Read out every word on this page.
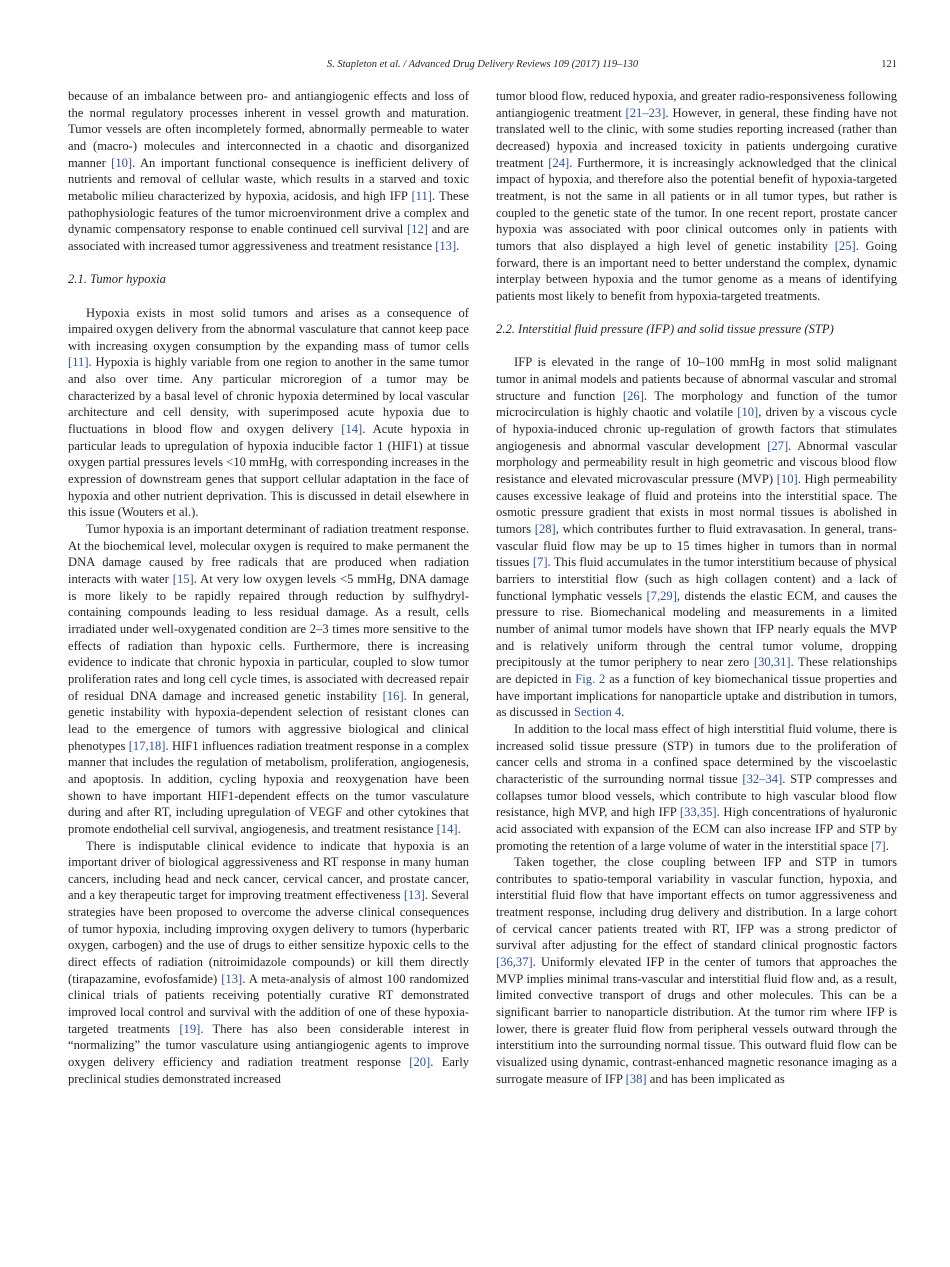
S. Stapleton et al. / Advanced Drug Delivery Reviews 109 (2017) 119–130	121

because of an imbalance between pro- and antiangiogenic effects and loss of the normal regulatory processes inherent in vessel growth and maturation. Tumor vessels are often incompletely formed, abnormally permeable to water and (macro-) molecules and interconnected in a chaotic and disorganized manner [10]. An important functional consequence is inefficient delivery of nutrients and removal of cellular waste, which results in a starved and toxic metabolic milieu characterized by hypoxia, acidosis, and high IFP [11]. These pathophysiologic features of the tumor microenvironment drive a complex and dynamic compensatory response to enable continued cell survival [12] and are associated with increased tumor aggressiveness and treatment resistance [13].

2.1. Tumor hypoxia

Hypoxia exists in most solid tumors and arises as a consequence of impaired oxygen delivery from the abnormal vasculature that cannot keep pace with increasing oxygen consumption by the expanding mass of tumor cells [11]. Hypoxia is highly variable from one region to another in the same tumor and also over time. Any particular microregion of a tumor may be characterized by a basal level of chronic hypoxia determined by local vascular architecture and cell density, with superimposed acute hypoxia due to fluctuations in blood flow and oxygen delivery [14]. Acute hypoxia in particular leads to upregulation of hypoxia inducible factor 1 (HIF1) at tissue oxygen partial pressures levels <10 mmHg, with corresponding increases in the expression of downstream genes that support cellular adaptation in the face of hypoxia and other nutrient deprivation. This is discussed in detail elsewhere in this issue (Wouters et al.).

Tumor hypoxia is an important determinant of radiation treatment response. At the biochemical level, molecular oxygen is required to make permanent the DNA damage caused by free radicals that are produced when radiation interacts with water [15]. At very low oxygen levels <5 mmHg, DNA damage is more likely to be rapidly repaired through reduction by sulfhydryl-containing compounds leading to less residual damage. As a result, cells irradiated under well-oxygenated condition are 2–3 times more sensitive to the effects of radiation than hypoxic cells. Furthermore, there is increasing evidence to indicate that chronic hypoxia in particular, coupled to slow tumor proliferation rates and long cell cycle times, is associated with decreased repair of residual DNA damage and increased genetic instability [16]. In general, genetic instability with hypoxia-dependent selection of resistant clones can lead to the emergence of tumors with aggressive biological and clinical phenotypes [17,18]. HIF1 influences radiation treatment response in a complex manner that includes the regulation of metabolism, proliferation, angiogenesis, and apoptosis. In addition, cycling hypoxia and reoxygenation have been shown to have important HIF1-dependent effects on the tumor vasculature during and after RT, including upregulation of VEGF and other cytokines that promote endothelial cell survival, angiogenesis, and treatment resistance [14].

There is indisputable clinical evidence to indicate that hypoxia is an important driver of biological aggressiveness and RT response in many human cancers, including head and neck cancer, cervical cancer, and prostate cancer, and a key therapeutic target for improving treatment effectiveness [13]. Several strategies have been proposed to overcome the adverse clinical consequences of tumor hypoxia, including improving oxygen delivery to tumors (hyperbaric oxygen, carbogen) and the use of drugs to either sensitize hypoxic cells to the direct effects of radiation (nitroimidazole compounds) or kill them directly (tirapazamine, evofosfamide) [13]. A meta-analysis of almost 100 randomized clinical trials of patients receiving potentially curative RT demonstrated improved local control and survival with the addition of one of these hypoxia-targeted treatments [19]. There has also been considerable interest in “normalizing” the tumor vasculature using antiangiogenic agents to improve oxygen delivery efficiency and radiation treatment response [20]. Early preclinical studies demonstrated increased

tumor blood flow, reduced hypoxia, and greater radio-responsiveness following antiangiogenic treatment [21–23]. However, in general, these finding have not translated well to the clinic, with some studies reporting increased (rather than decreased) hypoxia and increased toxicity in patients undergoing curative treatment [24]. Furthermore, it is increasingly acknowledged that the clinical impact of hypoxia, and therefore also the potential benefit of hypoxia-targeted treatment, is not the same in all patients or in all tumor types, but rather is coupled to the genetic state of the tumor. In one recent report, prostate cancer hypoxia was associated with poor clinical outcomes only in patients with tumors that also displayed a high level of genetic instability [25]. Going forward, there is an important need to better understand the complex, dynamic interplay between hypoxia and the tumor genome as a means of identifying patients most likely to benefit from hypoxia-targeted treatments.

2.2. Interstitial fluid pressure (IFP) and solid tissue pressure (STP)

IFP is elevated in the range of 10–100 mmHg in most solid malignant tumor in animal models and patients because of abnormal vascular and stromal structure and function [26]. The morphology and function of the tumor microcirculation is highly chaotic and volatile [10], driven by a viscous cycle of hypoxia-induced chronic up-regulation of growth factors that stimulates angiogenesis and abnormal vascular development [27]. Abnormal vascular morphology and permeability result in high geometric and viscous blood flow resistance and elevated microvascular pressure (MVP) [10]. High permeability causes excessive leakage of fluid and proteins into the interstitial space. The osmotic pressure gradient that exists in most normal tissues is abolished in tumors [28], which contributes further to fluid extravasation. In general, trans-vascular fluid flow may be up to 15 times higher in tumors than in normal tissues [7]. This fluid accumulates in the tumor interstitium because of physical barriers to interstitial flow (such as high collagen content) and a lack of functional lymphatic vessels [7,29], distends the elastic ECM, and causes the pressure to rise. Biomechanical modeling and measurements in a limited number of animal tumor models have shown that IFP nearly equals the MVP and is relatively uniform through the central tumor volume, dropping precipitously at the tumor periphery to near zero [30,31]. These relationships are depicted in Fig. 2 as a function of key biomechanical tissue properties and have important implications for nanoparticle uptake and distribution in tumors, as discussed in Section 4.

In addition to the local mass effect of high interstitial fluid volume, there is increased solid tissue pressure (STP) in tumors due to the proliferation of cancer cells and stroma in a confined space determined by the viscoelastic characteristic of the surrounding normal tissue [32–34]. STP compresses and collapses tumor blood vessels, which contribute to high vascular blood flow resistance, high MVP, and high IFP [33,35]. High concentrations of hyaluronic acid associated with expansion of the ECM can also increase IFP and STP by promoting the retention of a large volume of water in the interstitial space [7].

Taken together, the close coupling between IFP and STP in tumors contributes to spatio-temporal variability in vascular function, hypoxia, and interstitial fluid flow that have important effects on tumor aggressiveness and treatment response, including drug delivery and distribution. In a large cohort of cervical cancer patients treated with RT, IFP was a strong predictor of survival after adjusting for the effect of standard clinical prognostic factors [36,37]. Uniformly elevated IFP in the center of tumors that approaches the MVP implies minimal trans-vascular and interstitial fluid flow and, as a result, limited convective transport of drugs and other molecules. This can be a significant barrier to nanoparticle distribution. At the tumor rim where IFP is lower, there is greater fluid flow from peripheral vessels outward through the interstitium into the surrounding normal tissue. This outward fluid flow can be visualized using dynamic, contrast-enhanced magnetic resonance imaging as a surrogate measure of IFP [38] and has been implicated as
